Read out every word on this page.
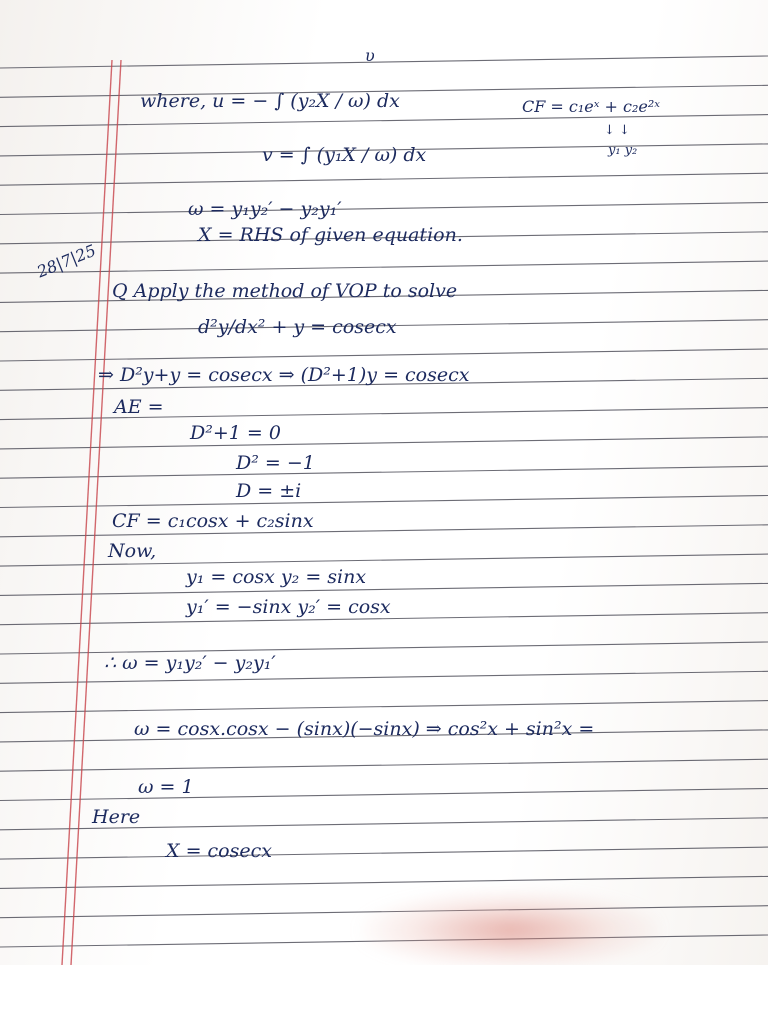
υ
where, u = − ∫ (y₂X / ω) dx	CF = c₁eˣ + c₂e²ˣ
↓ ↓
y₁ y₂
v = ∫ (y₁X / ω) dx
ω = y₁y₂′ − y₂y₁′
X = RHS of given equation.
28|7|25
Q Apply the method of VOP to solve
d²y/dx² + y = cosecx
⇒ D²y+y = cosecx ⇒ (D²+1)y = cosecx
AE =
D²+1 = 0
D² = −1
D = ±i
CF = c₁cosx + c₂sinx
Now,
y₁ = cosx y₂ = sinx
y₁′ = −sinx y₂′ = cosx
∴ ω = y₁y₂′ − y₂y₁′
ω = cosx.cosx − (sinx)(−sinx) ⇒ cos²x + sin²x =
ω = 1
Here
X = cosecx
